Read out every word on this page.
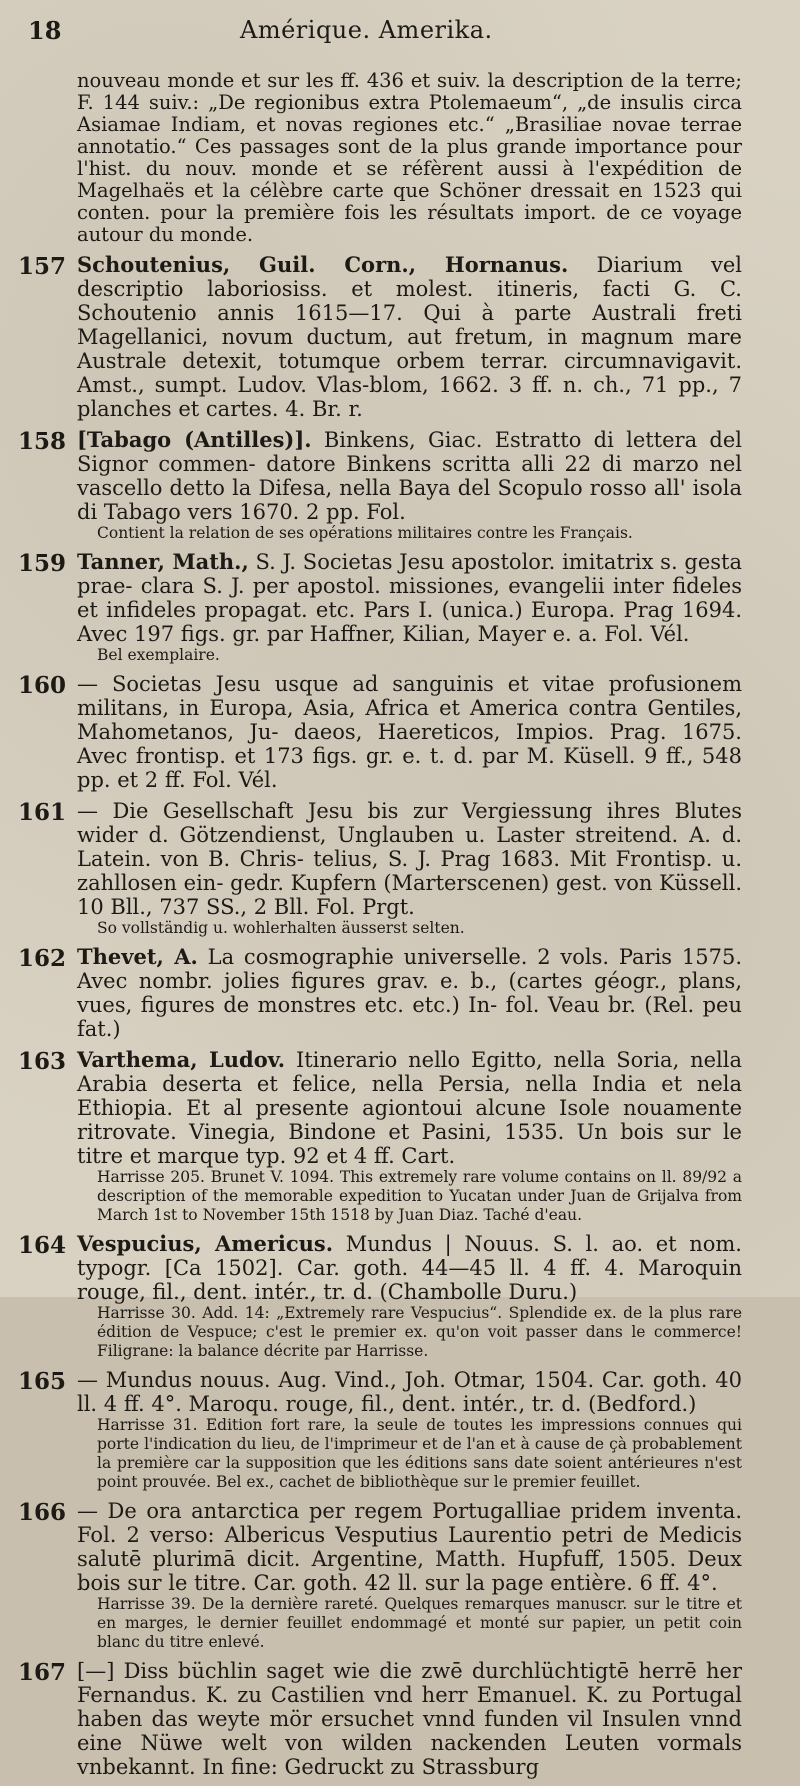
18	Amérique. Amerika.
nouveau monde et sur les ff. 436 et suiv. la description de la terre; F. 144 suiv.: „De regionibus extra Ptolemaeum“, „de insulis circa Asiamae Indiam, et novas regiones etc.“ „Brasiliae novae terrae annotatio.“ Ces passages sont de la plus grande importance pour l'hist. du nouv. monde et se réfèrent aussi à l'expédition de Magelhaës et la célèbre carte que Schöner dressait en 1523 qui conten. pour la première fois les résultats import. de ce voyage autour du monde.
157 Schoutenius, Guil. Corn., Hornanus. Diarium vel descriptio laboriosiss. et molest. itineris, facti G. C. Schoutenio annis 1615—17. Qui à parte Australi freti Magellanici, novum ductum, aut fretum, in magnum mare Australe detexit, totumque orbem terrar. circumnavigavit. Amst., sumpt. Ludov. Vlas-blom, 1662. 3 ff. n. ch., 71 pp., 7 planches et cartes. 4. Br. r.
158 [Tabago (Antilles)]. Binkens, Giac. Estratto di lettera del Signor commen- datore Binkens scritta alli 22 di marzo nel vascello detto la Difesa, nella Baya del Scopulo rosso all' isola di Tabago vers 1670. 2 pp. Fol.
Contient la relation de ses opérations militaires contre les Français.
159 Tanner, Math., S. J. Societas Jesu apostolor. imitatrix s. gesta prae- clara S. J. per apostol. missiones, evangelii inter fideles et infideles propagat. etc. Pars I. (unica.) Europa. Prag 1694. Avec 197 figs. gr. par Haffner, Kilian, Mayer e. a. Fol. Vél.
Bel exemplaire.
160 — Societas Jesu usque ad sanguinis et vitae profusionem militans, in Europa, Asia, Africa et America contra Gentiles, Mahometanos, Ju- daeos, Haereticos, Impios. Prag. 1675. Avec frontisp. et 173 figs. gr. e. t. d. par M. Küsell. 9 ff., 548 pp. et 2 ff. Fol. Vél.
161 — Die Gesellschaft Jesu bis zur Vergiessung ihres Blutes wider d. Götzendienst, Unglauben u. Laster streitend. A. d. Latein. von B. Chris- telius, S. J. Prag 1683. Mit Frontisp. u. zahllosen ein- gedr. Kupfern (Marterscenen) gest. von Küssell. 10 Bll., 737 SS., 2 Bll. Fol. Prgt.
So vollständig u. wohlerhalten äusserst selten.
162 Thevet, A. La cosmographie universelle. 2 vols. Paris 1575. Avec nombr. jolies figures grav. e. b., (cartes géogr., plans, vues, figures de monstres etc. etc.) In- fol. Veau br. (Rel. peu fat.)
163 Varthema, Ludov. Itinerario nello Egitto, nella Soria, nella Arabia deserta et felice, nella Persia, nella India et nela Ethiopia. Et al presente agiontoui alcune Isole nouamente ritrovate. Vinegia, Bindone et Pasini, 1535. Un bois sur le titre et marque typ. 92 et 4 ff. Cart.
Harrisse 205. Brunet V. 1094. This extremely rare volume contains on ll. 89/92 a description of the memorable expedition to Yucatan under Juan de Grijalva from March 1st to November 15th 1518 by Juan Diaz. Taché d'eau.
164 Vespucius, Americus. Mundus | Nouus. S. l. ao. et nom. typogr. [Ca 1502]. Car. goth. 44—45 ll. 4 ff. 4. Maroquin rouge, fil., dent. intér., tr. d. (Chambolle Duru.)
Harrisse 30. Add. 14: „Extremely rare Vespucius“. Splendide ex. de la plus rare édition de Vespuce; c'est le premier ex. qu'on voit passer dans le commerce! Filigrane: la balance décrite par Harrisse.
165 — Mundus nouus. Aug. Vind., Joh. Otmar, 1504. Car. goth. 40 ll. 4 ff. 4°. Maroqu. rouge, fil., dent. intér., tr. d. (Bedford.)
Harrisse 31. Edition fort rare, la seule de toutes les impressions connues qui porte l'indication du lieu, de l'imprimeur et de l'an et à cause de çà probablement la première car la supposition que les éditions sans date soient antérieures n'est point prouvée. Bel ex., cachet de bibliothèque sur le premier feuillet.
166 — De ora antarctica per regem Portugalliae pridem inventa. Fol. 2 verso: Albericus Vesputius Laurentio petri de Medicis salutē plurimā dicit. Argentine, Matth. Hupfuff, 1505. Deux bois sur le titre. Car. goth. 42 ll. sur la page entière. 6 ff. 4°.
Harrisse 39. De la dernière rareté. Quelques remarques manuscr. sur le titre et en marges, le dernier feuillet endommagé et monté sur papier, un petit coin blanc du titre enlevé.
167 [—] Diss büchlin saget wie die zwē durchlüchtigtē herrē her Fernandus. K. zu Castilien vnd herr Emanuel. K. zu Portugal haben das weyte mör ersuchet vnnd funden vil Insulen vnnd eine Nüwe welt von wilden nackenden Leuten vormals vnbekannt. In fine: Gedruckt zu Strassburg
